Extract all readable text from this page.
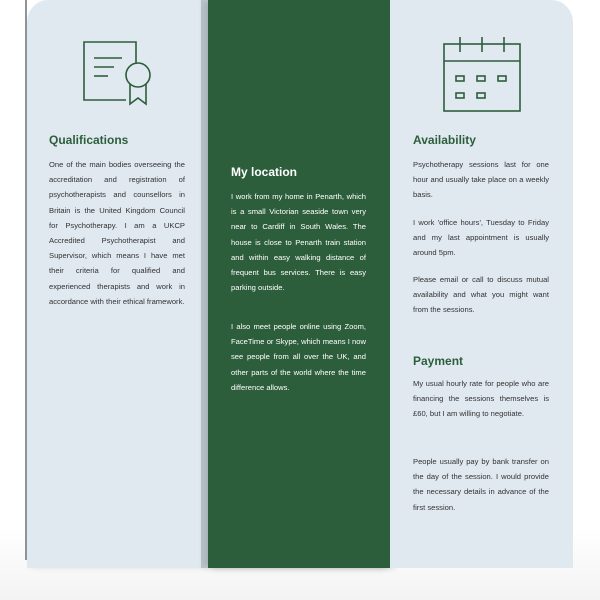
Qualifications

One of the main bodies overseeing the accreditation and registration of psychotherapists and counsellors in Britain is the United Kingdom Council for Psychotherapy. I am a UKCP Accredited Psychotherapist and Supervisor, which means I have met their criteria for qualified and experienced therapists and work in accordance with their ethical framework.

My location

I work from my home in Penarth, which is a small Victorian seaside town very near to Cardiff in South Wales. The house is close to Penarth train station and within easy walking distance of frequent bus services. There is easy parking outside.

I also meet people online using Zoom, FaceTime or Skype, which means I now see people from all over the UK, and other parts of the world where the time difference allows.

Availability

Psychotherapy sessions last for one hour and usually take place on a weekly basis.

I work 'office hours', Tuesday to Friday and my last appointment is usually around 5pm.

Please email or call to discuss mutual availability and what you might want from the sessions.

Payment

My usual hourly rate for people who are financing the sessions themselves is £60, but I am willing to negotiate.

People usually pay by bank transfer on the day of the session. I would provide the necessary details in advance of the first session.
